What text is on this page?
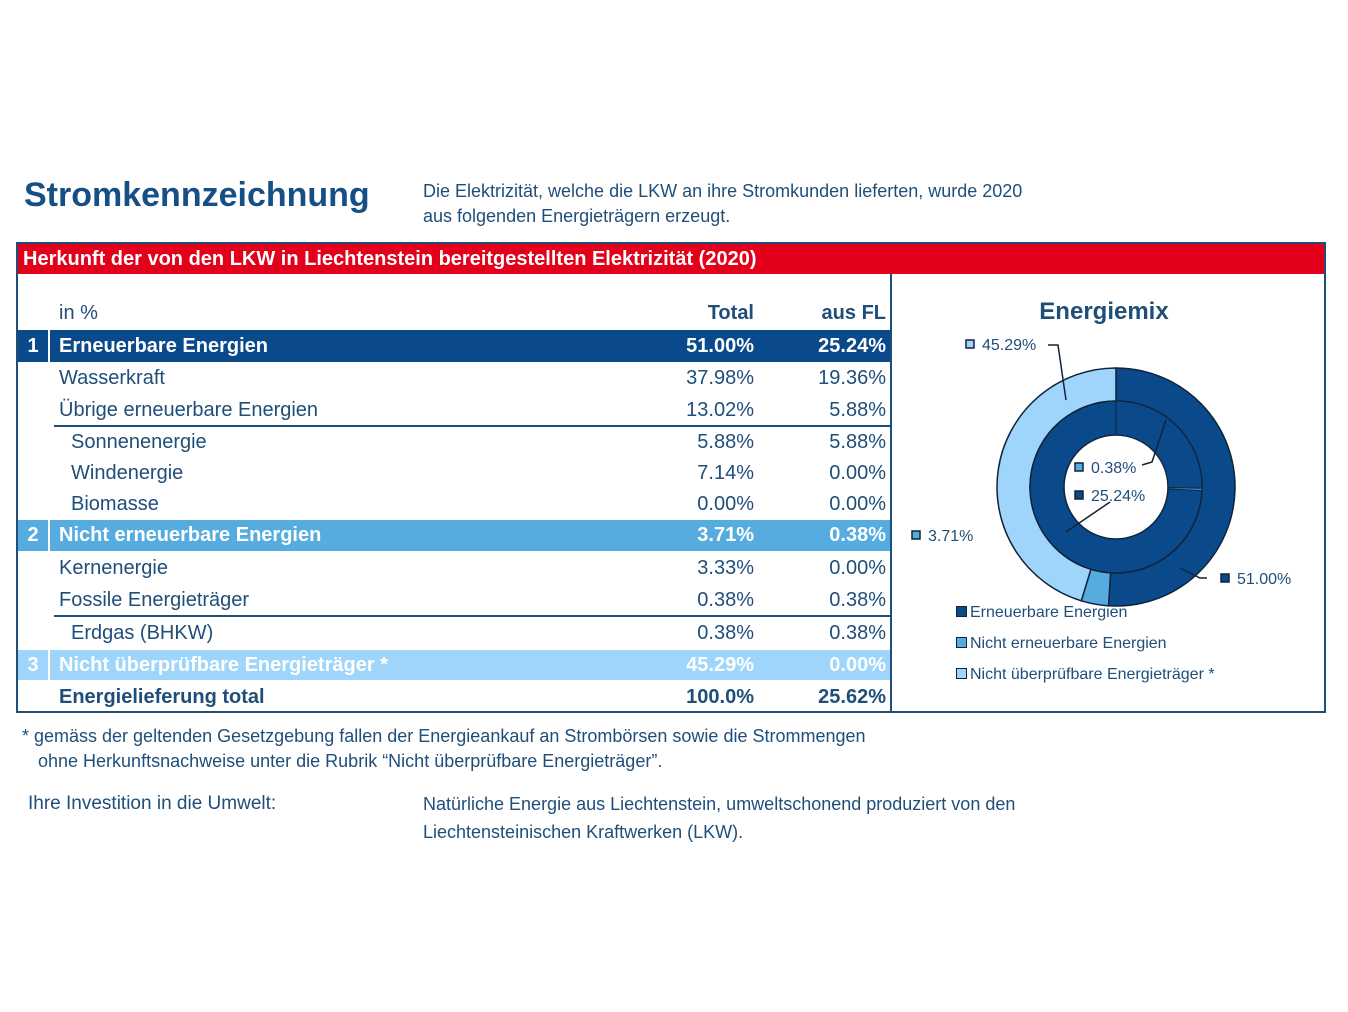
Stromkennzeichnung	Die Elektrizität, welche die LKW an ihre Stromkunden lieferten, wurde 2020
aus folgenden Energieträgern erzeugt.
Herkunft der von den LKW in Liechtenstein bereitgestellten Elektrizität (2020)
in %	Total	aus FL
1	Erneuerbare Energien	51.00%	25.24%
Wasserkraft	37.98%	19.36%
Übrige erneuerbare Energien	13.02%	5.88%
Sonnenenergie	5.88%	5.88%
Windenergie	7.14%	0.00%
Biomasse	0.00%	0.00%
2	Nicht erneuerbare Energien	3.71%	0.38%
Kernenergie	3.33%	0.00%
Fossile Energieträger	0.38%	0.38%
Erdgas (BHKW)	0.38%	0.38%
3	Nicht überprüfbare Energieträger *	45.29%	0.00%
Energielieferung total	100.0%	25.62%
Energiemix
45.29%
3.71%
51.00%
0.38%
25.24%
Erneuerbare Energien
Nicht erneuerbare Energien
Nicht überprüfbare Energieträger *
* gemäss der geltenden Gesetzgebung fallen der Energieankauf an Strombörsen sowie die Strommengen
ohne Herkunftsnachweise unter die Rubrik “Nicht überprüfbare Energieträger”.
Ihre Investition in die Umwelt:	Natürliche Energie aus Liechtenstein, umweltschonend produziert von den
Liechtensteinischen Kraftwerken (LKW).
